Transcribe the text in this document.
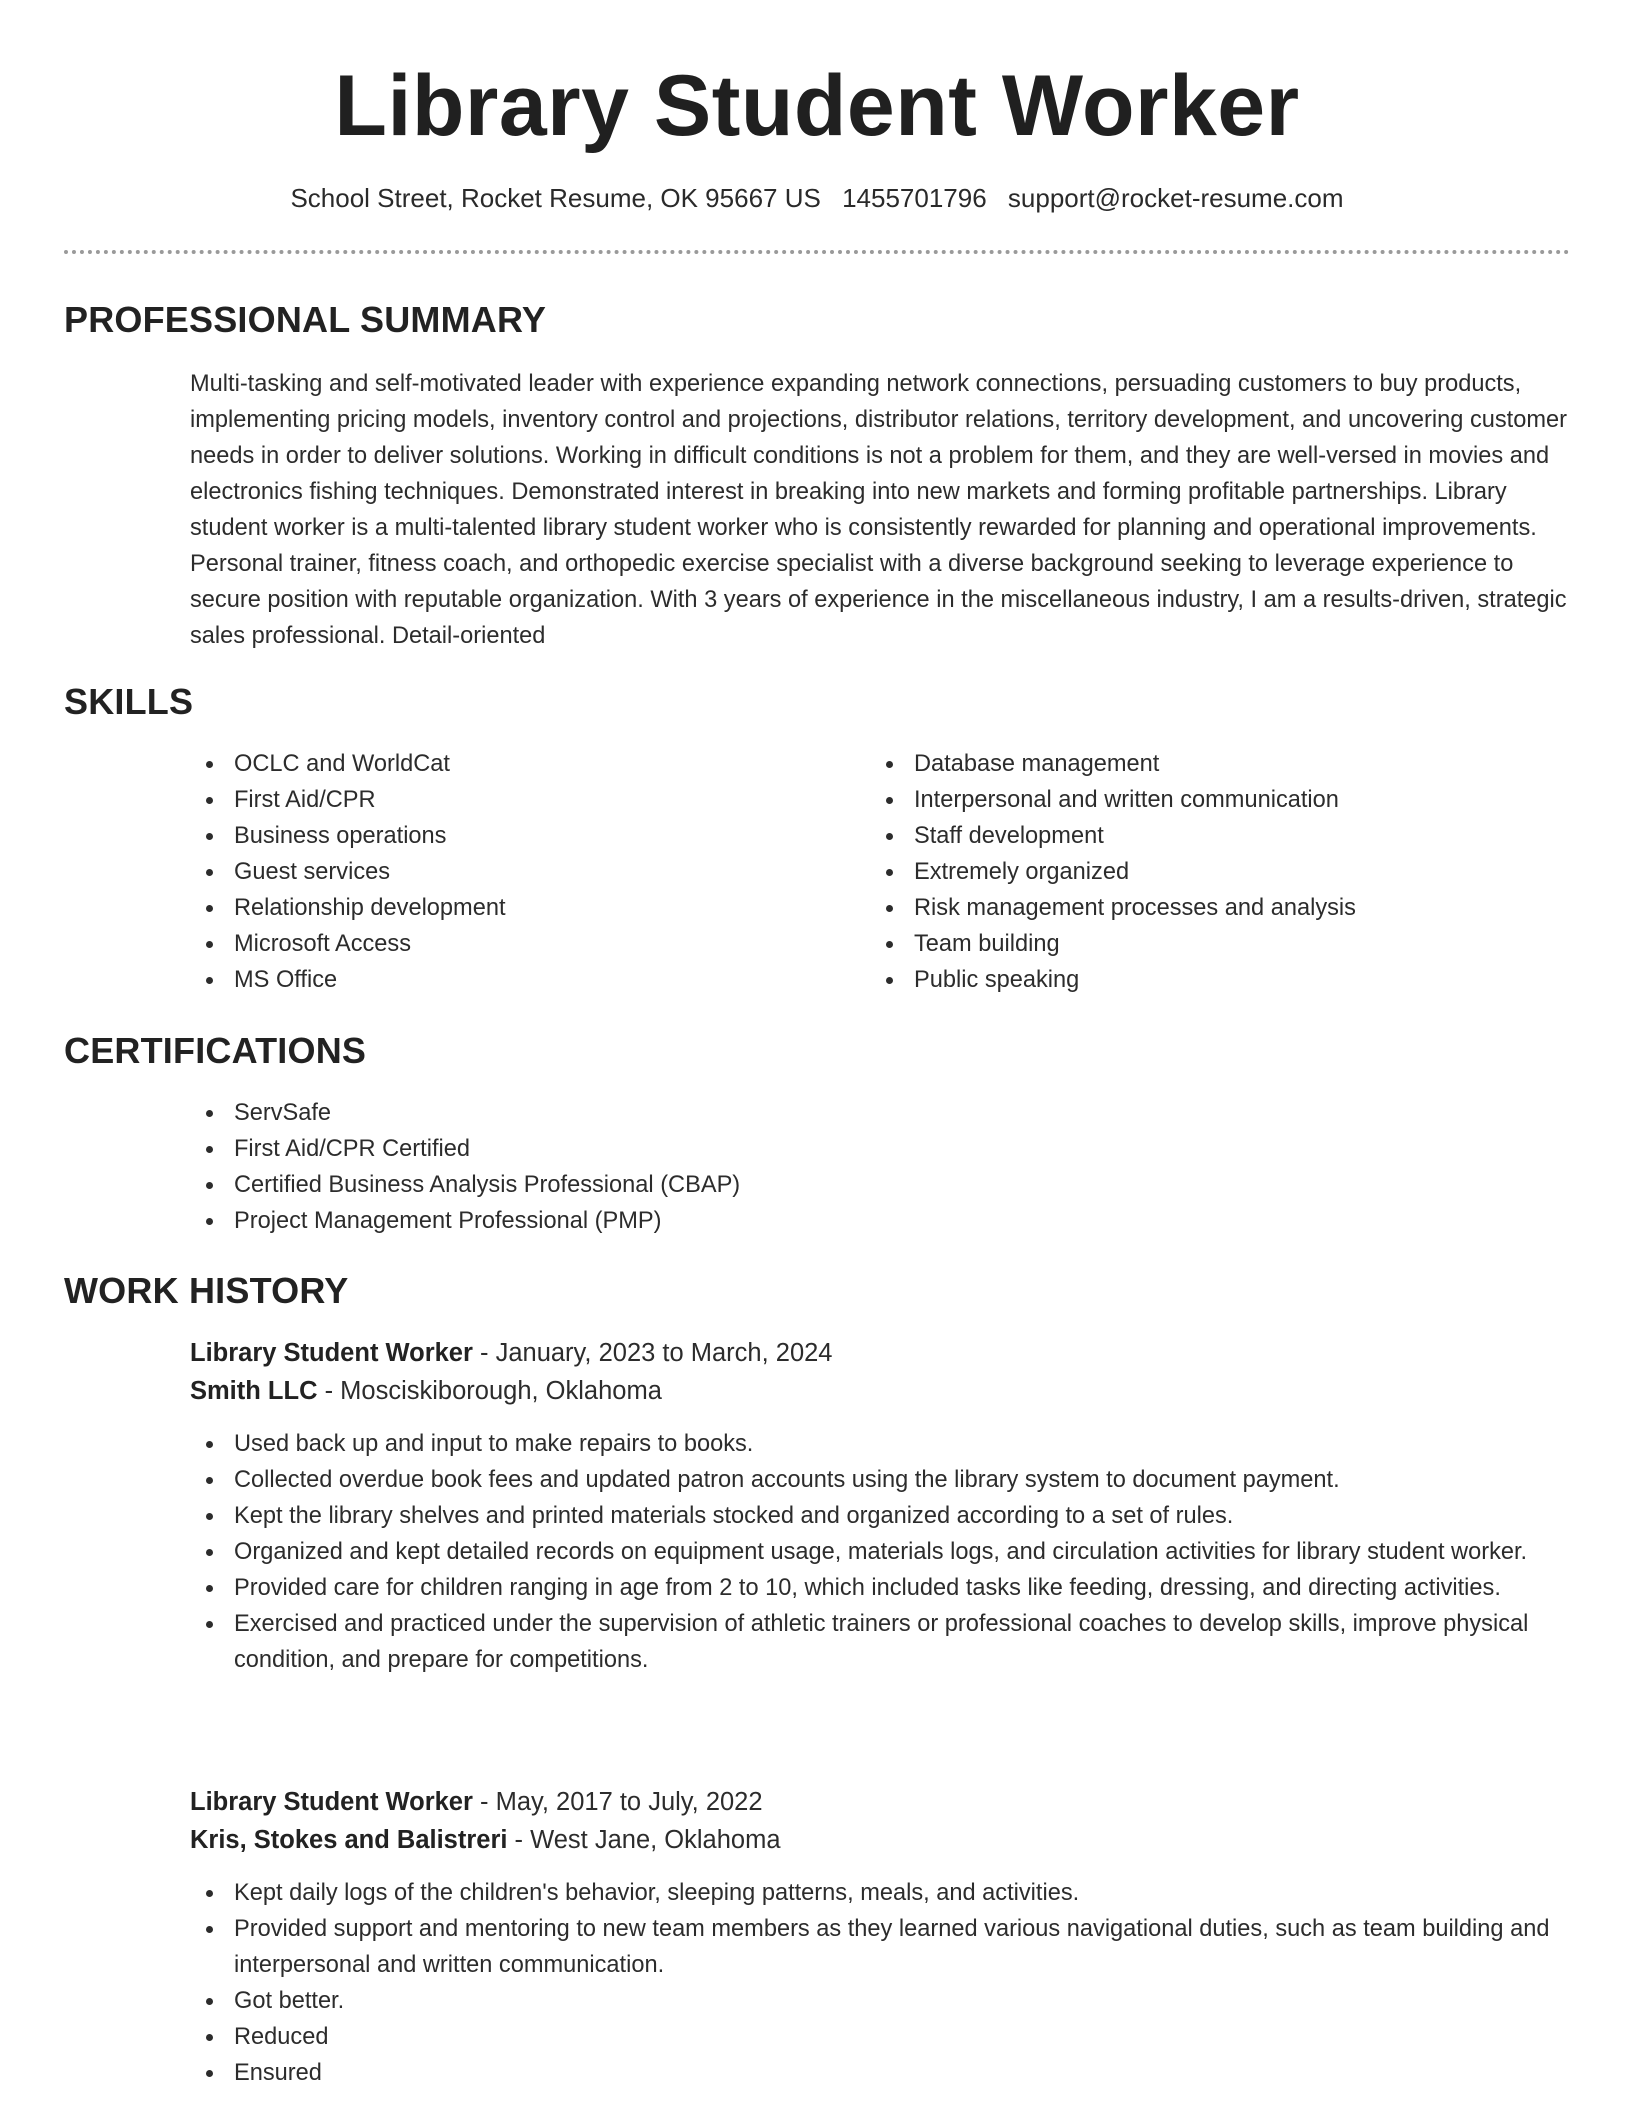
Library Student Worker
School Street, Rocket Resume, OK 95667 US 1455701796 support@rocket-resume.com
PROFESSIONAL SUMMARY

Multi-tasking and self-motivated leader with experience expanding network connections, persuading customers to buy products, implementing pricing models, inventory control and projections, distributor relations, territory development, and uncovering customer needs in order to deliver solutions. Working in difficult conditions is not a problem for them, and they are well-versed in movies and electronics fishing techniques. Demonstrated interest in breaking into new markets and forming profitable partnerships. Library student worker is a multi-talented library student worker who is consistently rewarded for planning and operational improvements. Personal trainer, fitness coach, and orthopedic exercise specialist with a diverse background seeking to leverage experience to secure position with reputable organization. With 3 years of experience in the miscellaneous industry, I am a results-driven, strategic sales professional. Detail-oriented

SKILLS
OCLC and WorldCat
First Aid/CPR
Business operations
Guest services
Relationship development
Microsoft Access
MS Office
Database management
Interpersonal and written communication
Staff development
Extremely organized
Risk management processes and analysis
Team building
Public speaking
CERTIFICATIONS
ServSafe
First Aid/CPR Certified
Certified Business Analysis Professional (CBAP)
Project Management Professional (PMP)
WORK HISTORY
Library Student Worker - January, 2023 to March, 2024
Smith LLC - Mosciskiborough, Oklahoma
Used back up and input to make repairs to books.
Collected overdue book fees and updated patron accounts using the library system to document payment.
Kept the library shelves and printed materials stocked and organized according to a set of rules.
Organized and kept detailed records on equipment usage, materials logs, and circulation activities for library student worker.
Provided care for children ranging in age from 2 to 10, which included tasks like feeding, dressing, and directing activities.
Exercised and practiced under the supervision of athletic trainers or professional coaches to develop skills, improve physical condition, and prepare for competitions.
Library Student Worker - May, 2017 to July, 2022
Kris, Stokes and Balistreri - West Jane, Oklahoma
Kept daily logs of the children's behavior, sleeping patterns, meals, and activities.
Provided support and mentoring to new team members as they learned various navigational duties, such as team building and interpersonal and written communication.
Got better.
Reduced
Ensured
